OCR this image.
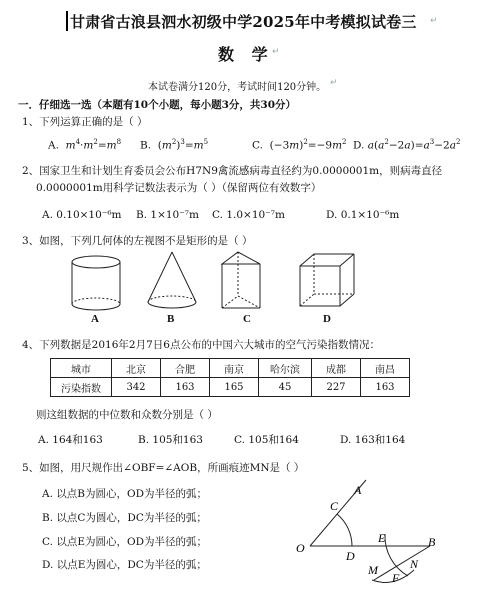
甘肃省古浪县泗水初级中学2025年中考模拟试卷三 ↵
数 学
↵
本试卷满分120分，考试时间120分钟。 ↵
一．仔细选一选（本题有10个小题，每小题3分，共30分）
1、下列运算正确的是（ ）
A. $m^4\cdot m^2=m^8$ B.  $(m^2)^3=m^5$	C.  $(-3m)^2=-9m^2$ D. $a(a^2-2a)=a^3-2a^2$
2、国家卫生和计划生育委员会公布H7N9禽流感病毒直径约为0.0000001m，则病毒直径
0.0000001m用科学记数法表示为（ ）（保留两位有效数字）
A. 0.10×10⁻⁶m B. 1×10⁻⁷m C. 1.0×10⁻⁷m	D. 0.1×10⁻⁶m
3、如图，下列几何体的左视图不是矩形的是（ ）
A	B	C	D
4、下列数据是2016年2月7日6点公布的中国六大城市的空气污染指数情况：
城市	北京	合肥	南京	哈尔滨	成都	南昌
污染指数	342	163	165	45	227	163
则这组数据的中位数和众数分别是（ ）
A. 164和163	B. 105和163	C. 105和164	D. 163和164
5、如图，用尺规作出∠OBF=∠AOB，所画痕迹MN是（ ）
A. 以点B为圆心，OD为半径的弧；
B. 以点C为圆心，DC为半径的弧；
C. 以点E为圆心，OD为半径的弧；
D. 以点E为圆心，DC为半径的弧；
O
A
C
D
E	B
M
F
N
